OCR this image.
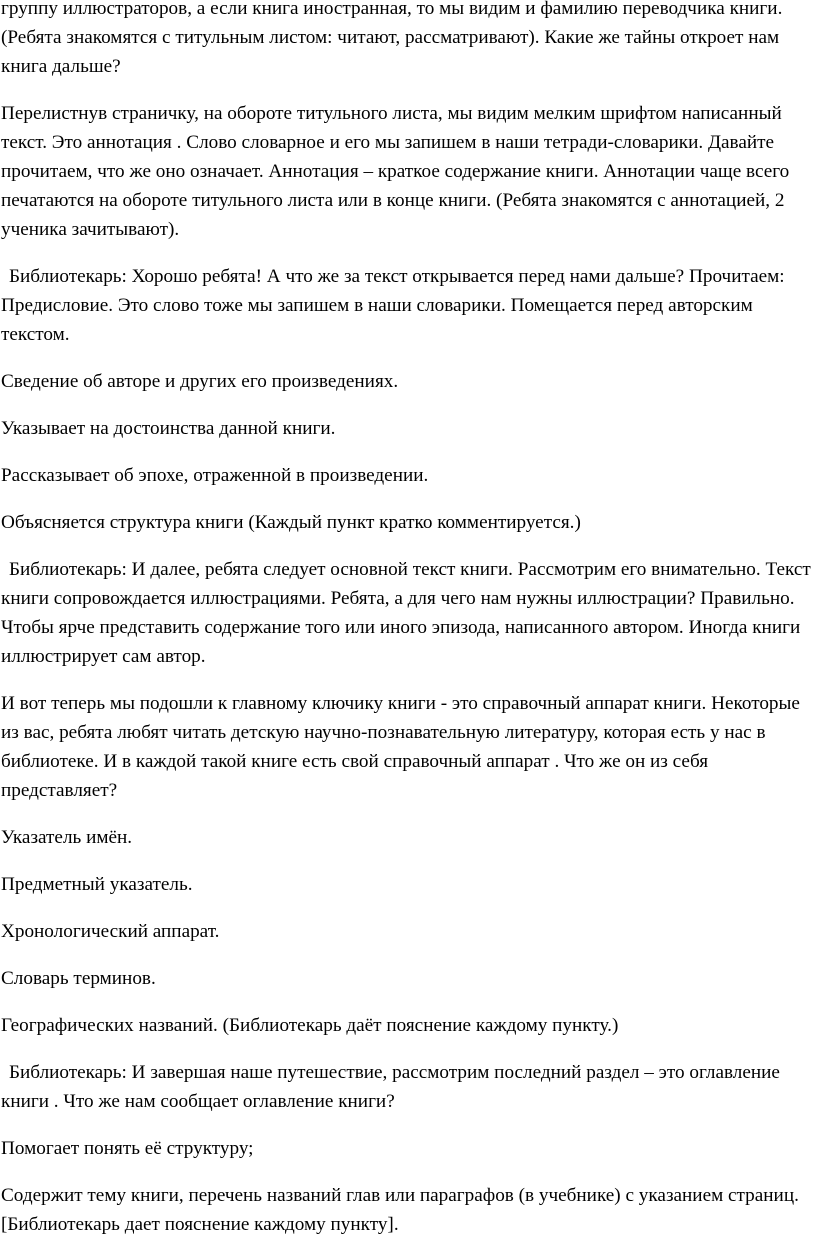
группу иллюстраторов, а если книга иностранная, то мы видим и фамилию переводчика книги. (Ребята знакомятся с титульным листом: читают, рассматривают). Какие же тайны откроет нам книга дальше?

Перелистнув страничку, на обороте титульного листа, мы видим мелким шрифтом написанный текст. Это аннотация . Слово словарное и его мы запишем в наши тетради-словарики. Давайте прочитаем, что же оно означает. Аннотация – краткое содержание книги. Аннотации чаще всего печатаются на обороте титульного листа или в конце книги. (Ребята знакомятся с аннотацией, 2 ученика зачитывают).

Библиотекарь: Хорошо ребята! А что же за текст открывается перед нами дальше? Прочитаем: Предисловие. Это слово тоже мы запишем в наши словарики. Помещается перед авторским текстом.

Сведение об авторе и других его произведениях.

Указывает на достоинства данной книги.

Рассказывает об эпохе, отраженной в произведении.

Объясняется структура книги (Каждый пункт кратко комментируется.)

Библиотекарь: И далее, ребята следует основной текст книги. Рассмотрим его внимательно. Текст книги сопровождается иллюстрациями. Ребята, а для чего нам нужны иллюстрации? Правильно. Чтобы ярче представить содержание того или иного эпизода, написанного автором. Иногда книги иллюстрирует сам автор.

И вот теперь мы подошли к главному ключику книги - это справочный аппарат книги. Некоторые из вас, ребята любят читать детскую научно-познавательную литературу, которая есть у нас в библиотеке. И в каждой такой книге есть свой справочный аппарат . Что же он из себя представляет?

Указатель имён.

Предметный указатель.

Хронологический аппарат.

Словарь терминов.

Географических названий. (Библиотекарь даёт пояснение каждому пункту.)

Библиотекарь: И завершая наше путешествие, рассмотрим последний раздел – это оглавление книги . Что же нам сообщает оглавление книги?

Помогает понять её структуру;

Содержит тему книги, перечень названий глав или параграфов (в учебнике) с указанием страниц. [Библиотекарь дает пояснение каждому пункту].
